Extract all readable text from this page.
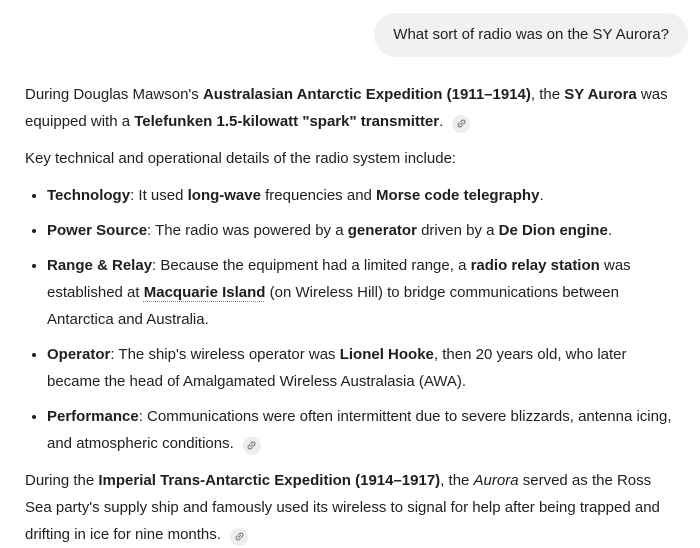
What sort of radio was on the SY Aurora?

During Douglas Mawson's Australasian Antarctic Expedition (1911–1914), the SY Aurora was equipped with a Telefunken 1.5-kilowatt "spark" transmitter.

Key technical and operational details of the radio system include:

• Technology: It used long-wave frequencies and Morse code telegraphy.
• Power Source: The radio was powered by a generator driven by a De Dion engine.
• Range & Relay: Because the equipment had a limited range, a radio relay station was established at Macquarie Island (on Wireless Hill) to bridge communications between Antarctica and Australia.
• Operator: The ship's wireless operator was Lionel Hooke, then 20 years old, who later became the head of Amalgamated Wireless Australasia (AWA).
• Performance: Communications were often intermittent due to severe blizzards, antenna icing, and atmospheric conditions.

During the Imperial Trans-Antarctic Expedition (1914–1917), the Aurora served as the Ross Sea party's supply ship and famously used its wireless to signal for help after being trapped and drifting in ice for nine months.
